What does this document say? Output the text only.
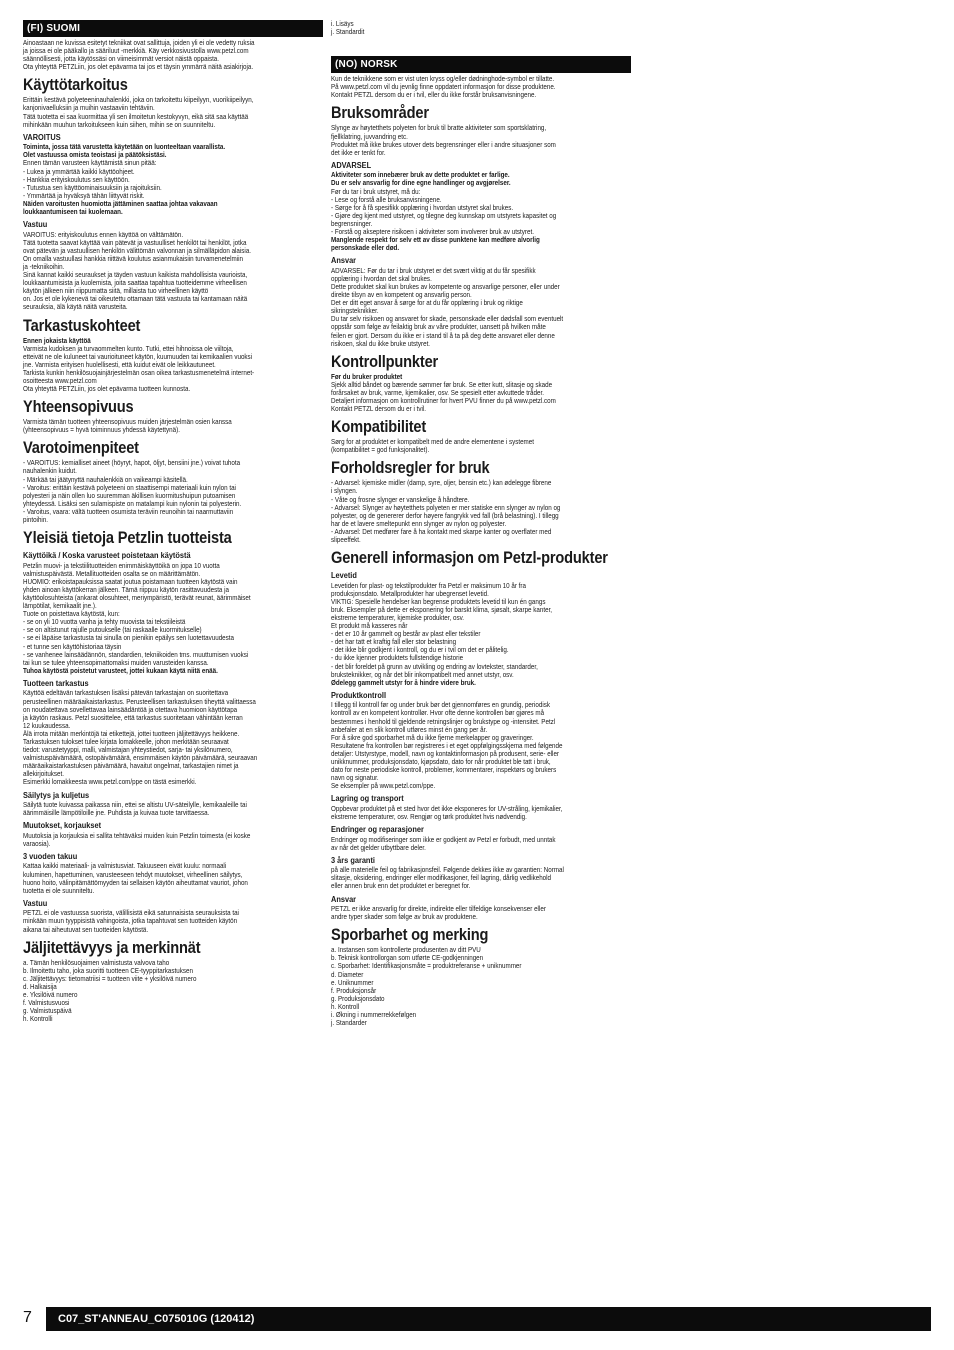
(FI) SUOMI

Ainoastaan ne kuvissa esitetyt tekniikat ovat sallittuja, joiden yli ei ole vedetty ruksia

ja joissa ei ole pääkallo ja sääriluut -merkkiä. Käy verkkosivustolla www.petzl.com

säännöllisesti, jotta käytössäsi on viimeisimmät versiot näistä oppaista.

Ota yhteyttä PETZLiin, jos olet epävarma tai jos et täysin ymmärrä näitä asiakirjoja.

Käyttötarkoitus

Erittäin kestävä polyeteeninauhalenkki, joka on tarkoitettu kiipeilyyn, vuorikiipeilyyn,

kanjonivaelluksiin ja muihin vastaaviin tehtäviin.

Tätä tuotetta ei saa kuormittaa yli sen ilmoitetun kestokyvyn, eikä sitä saa käyttää

mihinkään muuhun tarkoitukseen kuin siihen, mihin se on suunniteltu.

VAROITUS

Toiminta, jossa tätä varustetta käytetään on luonteeltaan vaarallista.

Olet vastuussa omista teoistasi ja päätöksistäsi.

Ennen tämän varusteen käyttämistä sinun pitää:

- Lukea ja ymmärtää kaikki käyttöohjeet.

- Hankkia erityiskoulutus sen käyttöön.

- Tutustua sen käyttöominaisuuksiin ja rajoituksiin.

- Ymmärtää ja hyväksyä tähän liittyvät riskit.

Näiden varoitusten huomiotta jättäminen saattaa johtaa vakavaan

loukkaantumiseen tai kuolemaan.

Vastuu

VAROITUS: erityiskoulutus ennen käyttöä on välttämätön.

Tätä tuotetta saavat käyttää vain pätevät ja vastuulliset henkilöt tai henkilöt, jotka

ovat pätevän ja vastuullisen henkilön välittömän valvonnan ja silmälläpidon alaisia.

On omalla vastuullasi hankkia riittävä koulutus asianmukaisiin turvamenetelmiin

ja -tekniikoihin.

Sinä kannat kaikki seuraukset ja täyden vastuun kaikista mahdollisista vaurioista,

loukkaantumisista ja kuolemista, joita saattaa tapahtua tuotteidemme virheellisen

käytön jälkeen niin riippumatta siitä, millaista tuo virheellinen käyttö

on. Jos et ole kykenevä tai oikeutettu ottamaan tätä vastuuta tai kantamaan näitä

seurauksia, älä käytä näitä varusteita.

Tarkastuskohteet

Ennen jokaista käyttöä

Varmista kudoksen ja turvaommelten kunto. Tutki, ettei hihnoissa ole viiltoja,

etteivät ne ole kuluneet tai vaurioituneet käytön, kuumuuden tai kemikaalien vuoksi

jne. Varmista erityisen huolellisesti, että kuidut eivät ole leikkautuneet.

Tarkista kunkin henkilösuojainjärjestelmän osan oikea tarkastusmenetelmä internet-

osoitteesta www.petzl.com

Ota yhteyttä PETZLiin, jos olet epävarma tuotteen kunnosta.

Yhteensopivuus

Varmista tämän tuotteen yhteensopivuus muiden järjestelmän osien kanssa

(yhteensopivuus = hyvä toiminnuus yhdessä käytettynä).

Varotoimenpiteet

- VAROITUS: kemialliset aineet (höyryt, hapot, öljyt, bensiini jne.) voivat tuhota

nauhalenkin kuidut.

- Märkää tai jäätynyttä nauhalenkkiä on vaikeampi käsitellä.

- Varoitus: erittäin kestävä polyeteeni on staattisempi materiaali kuin nylon tai

polyesteri ja näin ollen luo suuremman äkillisen kuormitushuipun putoamisen

yhteydessä. Lisäksi sen sulamispiste on matalampi kuin nylonin tai polyesterin.

- Varoitus, vaara: vältä tuotteen osumista teräviin reunoihin tai naarmuttaviin

pintoihin.

Yleisiä tietoja Petzlin tuotteista
Käyttöikä / Koska varusteet poistetaan käytöstä

Petzlin muovi- ja tekstiilituotteiden enimmäiskäyttöikä on jopa 10 vuotta

valmistuspäivästä. Metallituotteiden osalta se on määrittämätön.

HUOMIO: erikoistapauksissa saatat joutua poistamaan tuotteen käytöstä vain

yhden ainoan käyttökerran jälkeen. Tämä riippuu käytön rasittavuudesta ja

käyttöolosuhteista (ankarat olosuhteet, meriympäristö, terävät reunat, äärimmäiset

lämpötilat, kemikaalit jne.).

Tuote on poistettava käytöstä, kun:

- se on yli 10 vuotta vanha ja tehty muovista tai tekstiileistä

- se on altistunut rajulle putoukselle (tai raskaalle kuormitukselle)

- se ei läpäise tarkastusta tai sinulla on pienikin epäilys sen luotettavuudesta

- et tunne sen käyttöhistoriaa täysin

- se vanhenee lainsäädännön, standardien, tekniikoiden tms. muuttumisen vuoksi

tai kun se tulee yhteensopimattomaksi muiden varusteiden kanssa.

Tuhoa käytöstä poistetut varusteet, jottei kukaan käytä niitä enää.

Tuotteen tarkastus

Käyttöä edeltävän tarkastuksen lisäksi pätevän tarkastajan on suoritettava

perusteellinen määräaikaistarkastus. Perusteellisen tarkastuksen tiheyttä valittaessa

on noudatettava sovellettavaa lainsäädäntöä ja otettava huomioon käyttötapa

ja käytön raskaus. Petzl suosittelee, että tarkastus suoritetaan vähintään kerran

12 kuukaudessa.

Älä irrota mitään merkintöjä tai etikettejä, jottei tuotteen jäljitettävyys heikkene.

Tarkastuksen tulokset tulee kirjata lomakkeelle, johon merkitään seuraavat

tiedot: varustetyyppi, malli, valmistajan yhteystiedot, sarja- tai yksilönumero,

valmistuspäivämäärä, ostopäivämäärä, ensimmäisen käytön päivämäärä, seuraavan

määräaikaistarkastuksen päivämäärä, havaitut ongelmat, tarkastajien nimet ja

allekirjoitukset.

Esimerkki lomakkeesta www.petzl.com/ppe on tästä esimerkki.

Säilytys ja kuljetus

Säilytä tuote kuivassa paikassa niin, ettei se altistu UV-säteilylle, kemikaaleille tai

äärimmäisille lämpötiloille jne. Puhdista ja kuivaa tuote tarvittaessa.

Muutokset, korjaukset

Muutoksia ja korjauksia ei sallita tehtäväksi muiden kuin Petzlin toimesta (ei koske

varaosia).

3 vuoden takuu

Kattaa kaikki materiaali- ja valmistusviat. Takuuseen eivät kuulu: normaali

kuluminen, hapettuminen, varusteeseen tehdyt muutokset, virheellinen säilytys,

huono hoito, välinpitämättömyyden tai sellaisen käytön aiheuttamat vauriot, johon

tuotetta ei ole suunniteltu.

Vastuu

PETZL ei ole vastuussa suorista, välillisistä eikä satunnaisista seurauksista tai

minkään muun tyyppisistä vahingoista, jotka tapahtuvat sen tuotteiden käytön

aikana tai aiheutuvat sen tuotteiden käytöstä.

Jäljitettävyys ja merkinnät

a. Tämän henkilösuojaimen valmistusta valvova taho

b. Ilmoitettu taho, joka suoritti tuotteen CE-tyyppitarkastuksen

c. Jäljitettävyys: tietomatriisi = tuotteen viite + yksilöivä numero

d. Halkaisija

e. Yksilöivä numero

f. Valmistusvuosi

g. Valmistuspäivä

h. Kontrolli

i. Lisäys

j. Standardit

(NO) NORSK

Kun de teknikkene som er vist uten kryss og/eller dødninghode-symbol er tillatte.

På www.petzl.com vil du jevnlig finne oppdatert informasjon for disse produktene.

Kontakt PETZL dersom du er i tvil, eller du ikke forstår bruksanvisningene.

Bruksområder

Slynge av høytetthets polyeten for bruk til bratte aktiviteter som sportsklatring,

fjellklatring, juvvandring etc.

Produktet må ikke brukes utover dets begrensninger eller i andre situasjoner som

det ikke er tenkt for.

ADVARSEL

Aktiviteter som innebærer bruk av dette produktet er farlige.

Du er selv ansvarlig for dine egne handlinger og avgjørelser.

Før du tar i bruk utstyret, må du:

- Lese og forstå alle bruksanvisningene.

- Sørge for å få spesifikk opplæring i hvordan utstyret skal brukes.

- Gjøre deg kjent med utstyret, og tilegne deg kunnskap om utstyrets kapasitet og

begrensninger.

- Forstå og akseptere risikoen i aktiviteter som involverer bruk av utstyret.

Manglende respekt for selv ett av disse punktene kan medføre alvorlig

personskade eller død.

Ansvar

ADVARSEL: Før du tar i bruk utstyret er det svært viktig at du får spesifikk

opplæring i hvordan det skal brukes.

Dette produktet skal kun brukes av kompetente og ansvarlige personer, eller under

direkte tilsyn av en kompetent og ansvarlig person.

Det er ditt eget ansvar å sørge for at du får opplæring i bruk og riktige

sikringsteknikker.

Du tar selv risikoen og ansvaret for skade, personskade eller dødsfall som eventuelt

oppstår som følge av feilaktig bruk av våre produkter, uansett på hvilken måte

feilen er gjort. Dersom du ikke er i stand til å ta på deg dette ansvaret eller denne

risikoen, skal du ikke bruke utstyret.

Kontrollpunkter

Før du bruker produktet

Sjekk alltid båndet og bærende sømmer før bruk. Se etter kutt, slitasje og skade

forårsaket av bruk, varme, kjemikalier, osv. Se spesielt etter avkuttede tråder.

Detaljert informasjon om kontrollrutiner for hvert PVU finner du på www.petzl.com

Kontakt PETZL dersom du er i tvil.

Kompatibilitet

Sørg for at produktet er kompatibelt med de andre elementene i systemet

(kompatibilitet = god funksjonalitet).

Forholdsregler for bruk

- Advarsel: kjemiske midler (damp, syre, oljer, bensin etc.) kan ødelegge fibrene

i slyngen.

- Våte og frosne slynger er vanskelige å håndtere.

- Advarsel: Slynger av høytetthets polyeten er mer statiske enn slynger av nylon og

polyester, og de genererer derfor høyere fangrykk ved fall (brå belastning). I tillegg

har de et lavere smeltepunkt enn slynger av nylon og polyester.

- Advarsel: Det medfører fare å ha kontakt med skarpe kanter og overflater med

slipeeffekt.

Generell informasjon om Petzl-produkter
Levetid

Levetiden for plast- og tekstilprodukter fra Petzl er maksimum 10 år fra

produksjonsdato. Metallprodukter har ubegrenset levetid.

VIKTIG: Spesielle hendelser kan begrense produktets levetid til kun én gangs

bruk. Eksempler på dette er eksponering for barskt klima, sjøsalt, skarpe kanter,

ekstreme temperaturer, kjemiske produkter, osv.

Et produkt må kasseres når

- det er 10 år gammelt og består av plast eller tekstiler

- det har tatt et kraftig fall eller stor belastning

- det ikke blir godkjent i kontroll, og du er i tvil om det er pålitelig.

- du ikke kjenner produktets fullstendige historie

- det blir foreldet på grunn av utvikling og endring av lovtekster, standarder,

bruksteknikker, og når det blir inkompatibelt med annet utstyr, osv.

Ødelegg gammelt utstyr for å hindre videre bruk.

Produktkontroll

I tillegg til kontroll før og under bruk bør det gjennomføres en grundig, periodisk

kontroll av en kompetent kontrollør. Hvor ofte denne kontrollen bør gjøres må

bestemmes i henhold til gjeldende retningslinjer og brukstype og -intensitet. Petzl

anbefaler at en slik kontroll utføres minst én gang per år.

For å sikre god sporbarhet må du ikke fjerne merkelapper og graveringer.

Resultatene fra kontrollen bør registreres i et eget oppfølgingsskjema med følgende

detaljer: Utstyrstype, modell, navn og kontaktinformasjon på produsent, serie- eller

unikknummer, produksjonsdato, kjøpsdato, dato for når produktet ble tatt i bruk,

dato for neste periodiske kontroll, problemer, kommentarer, inspektørs og brukers

navn og signatur.

Se eksempler på www.petzl.com/ppe.

Lagring og transport

Oppbevar produktet på et sted hvor det ikke eksponeres for UV-stråling, kjemikalier,

ekstreme temperaturer, osv. Rengjør og tørk produktet hvis nødvendig.

Endringer og reparasjoner

Endringer og modifiseringer som ikke er godkjent av Petzl er forbudt, med unntak

av når det gjelder utbyttbare deler.

3 års garanti

på alle materielle feil og fabrikasjonsfeil. Følgende dekkes ikke av garantien: Normal

slitasje, oksidering, endringer eller modifikasjoner, feil lagring, dårlig vedlikehold

eller annen bruk enn det produktet er beregnet for.

Ansvar

PETZL er ikke ansvarlig for direkte, indirekte eller tilfeldige konsekvenser eller

andre typer skader som følge av bruk av produktene.

Sporbarhet og merking

a. Instansen som kontrollerte produsenten av ditt PVU

b. Teknisk kontrollorgan som utførte CE-godkjenningen

c. Sporbarhet: Identifikasjonsmåte = produktreferanse + uniknummer

d. Diameter

e. Uniknummer

f. Produksjonsår

g. Produksjonsdato

h. Kontroll

i. Økning i nummerrekkefølgen

j. Standarder

7	C07_ST'ANNEAU_C075010G (120412)
